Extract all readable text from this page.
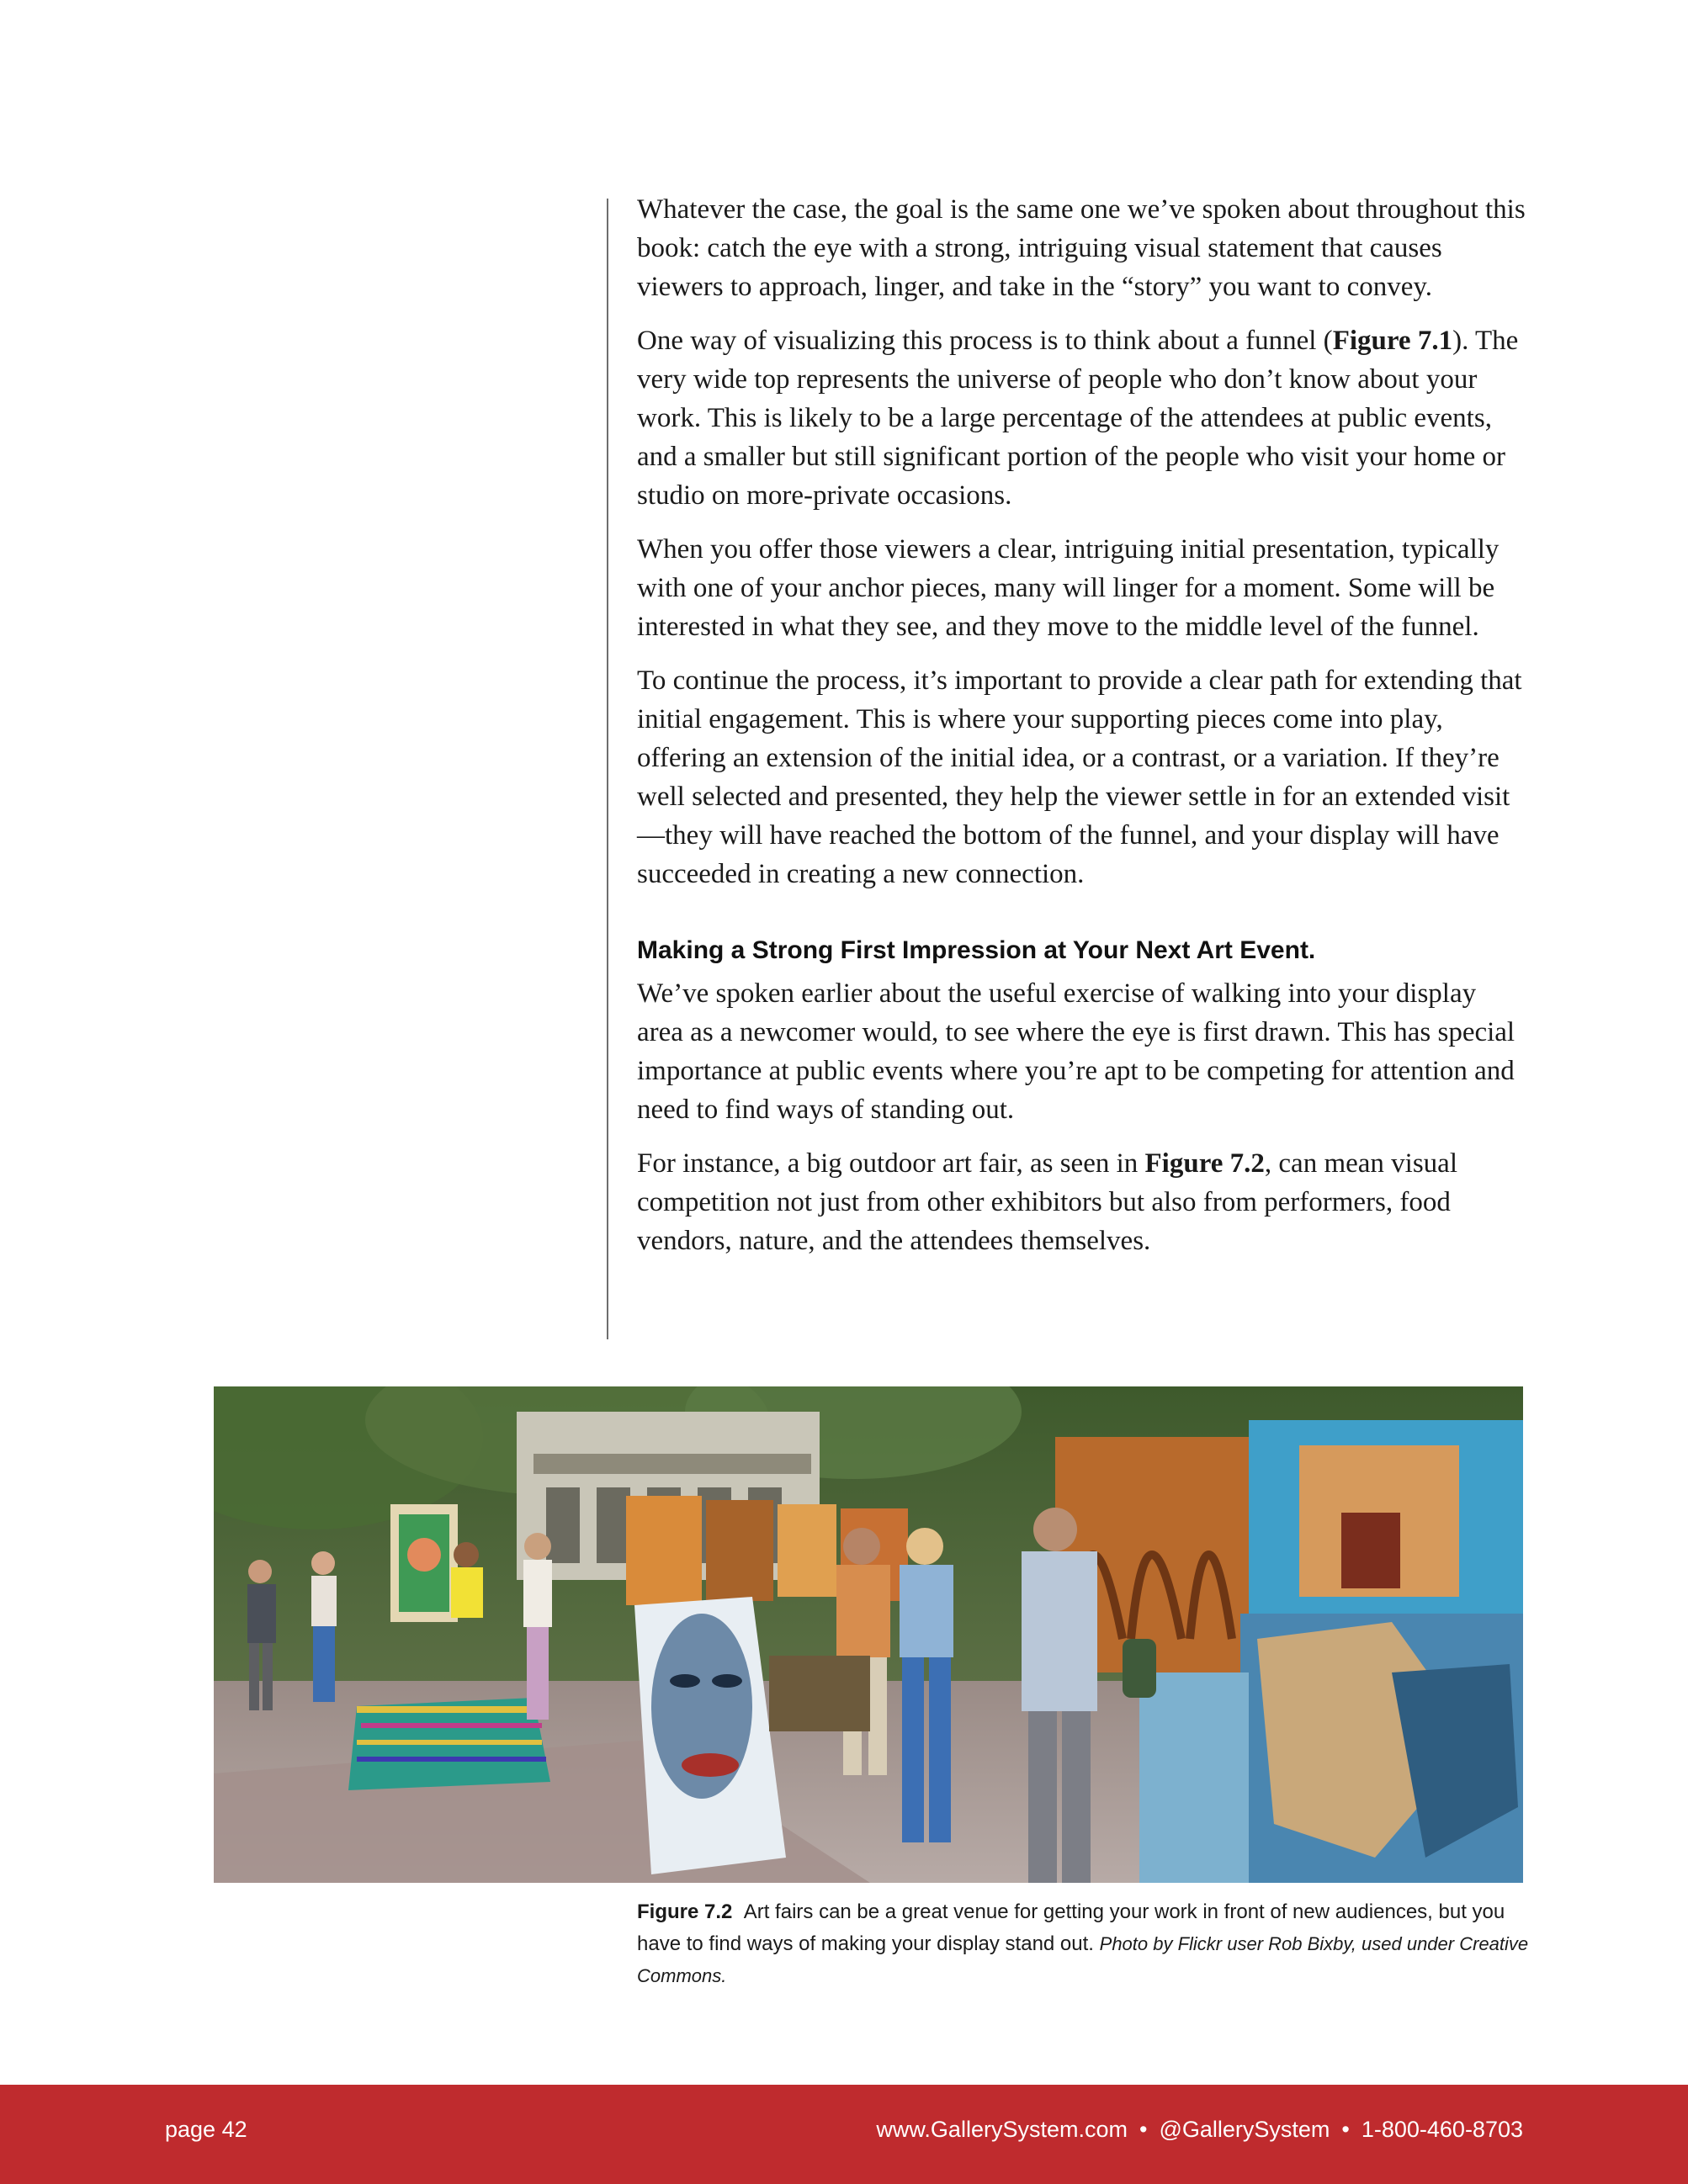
Whatever the case, the goal is the same one we’ve spoken about throughout this book: catch the eye with a strong, intriguing visual statement that causes viewers to approach, linger, and take in the “story” you want to convey.

One way of visualizing this process is to think about a funnel (Figure 7.1). The very wide top represents the universe of people who don’t know about your work. This is likely to be a large percentage of the attendees at public events, and a smaller but still significant portion of the people who visit your home or studio on more-private occasions.

When you offer those viewers a clear, intriguing initial presentation, typically with one of your anchor pieces, many will linger for a moment. Some will be interested in what they see, and they move to the middle level of the funnel.

To continue the process, it’s important to provide a clear path for extending that initial engagement. This is where your supporting pieces come into play, offering an extension of the initial idea, or a contrast, or a variation. If they’re well selected and presented, they help the viewer settle in for an extended visit—they will have reached the bottom of the funnel, and your display will have succeeded in creating a new connection.

Making a Strong First Impression at Your Next Art Event.

We’ve spoken earlier about the useful exercise of walking into your display area as a newcomer would, to see where the eye is first drawn. This has special importance at public events where you’re apt to be competing for attention and need to find ways of standing out.

For instance, a big outdoor art fair, as seen in Figure 7.2, can mean visual competition not just from other exhibitors but also from performers, food vendors, nature, and the attendees themselves.

Figure 7.2 Art fairs can be a great venue for getting your work in front of new audiences, but you have to find ways of making your display stand out. Photo by Flickr user Rob Bixby, used under Creative Commons.
page 42	www.GallerySystem.com • @GallerySystem • 1-800-460-8703
